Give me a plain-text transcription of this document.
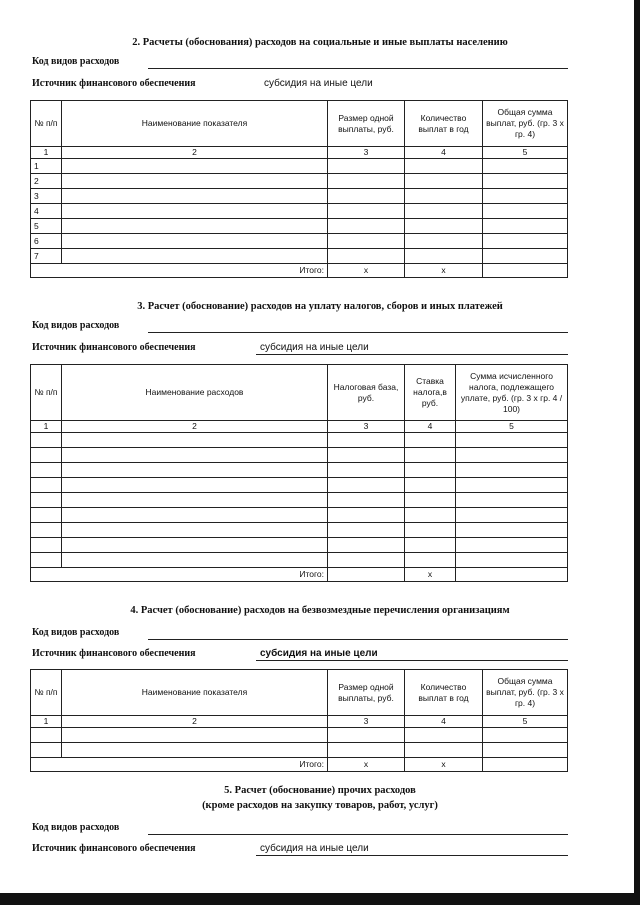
2. Расчеты (обоснования) расходов на социальные и иные выплаты населению
Код видов расходов
Источник финансового обеспечения	субсидия на иные цели
№ п/п	Наименование показателя	Размер одной выплаты, руб.	Количество выплат в год	Общая сумма выплат, руб. (гр. 3 х гр. 4)
1	2	3	4	5
1				
2				
3				
4				
5				
6				
7				
Итого:		х	х	
3. Расчет (обоснование) расходов на уплату налогов, сборов и иных платежей
Код видов расходов
Источник финансового обеспечения	субсидия на иные цели
№ п/п	Наименование расходов	Налоговая база, руб.	Ставка налога,в руб.	Сумма исчисленного налога, подлежащего уплате, руб. (гр. 3 х гр. 4 / 100)
1	2	3	4	5

Итого:			х	
4. Расчет (обоснование) расходов на безвозмездные перечисления организациям
Код видов расходов
Источник финансового обеспечения	субсидия на иные цели
№ п/п	Наименование показателя	Размер одной выплаты, руб.	Количество выплат в год	Общая сумма выплат, руб. (гр. 3 х гр. 4)
1	2	3	4	5

Итого:		х	х	
5. Расчет (обоснование) прочих расходов
(кроме расходов на закупку товаров, работ, услуг)
Код видов расходов
Источник финансового обеспечения	субсидия на иные цели
